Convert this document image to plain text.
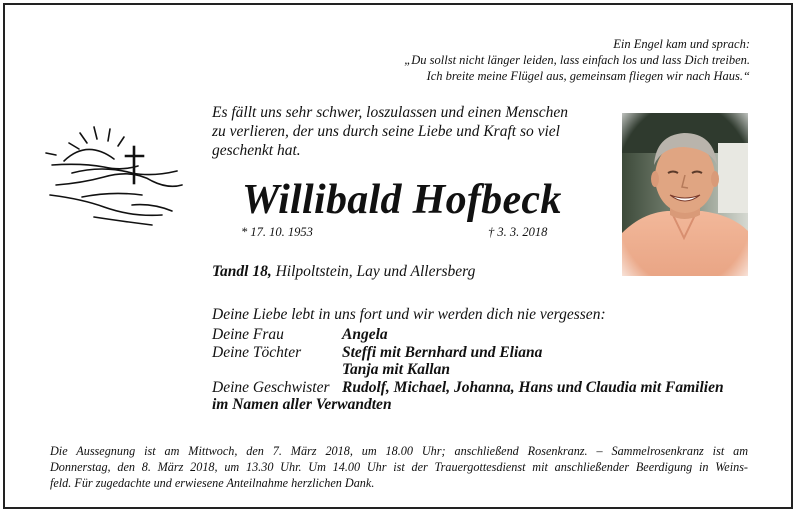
Ein Engel kam und sprach:
„Du sollst nicht länger leiden, lass einfach los und lass Dich treiben.
Ich breite meine Flügel aus, gemeinsam fliegen wir nach Haus.“
Es fällt uns sehr schwer, loszulassen und einen Menschen
zu verlieren, der uns durch seine Liebe und Kraft so viel
geschenkt hat.
Willibald Hofbeck
* 17. 10. 1953	† 3. 3. 2018
Tandl 18, Hilpoltstein, Lay und Allersberg
Deine Liebe lebt in uns fort und wir werden dich nie vergessen:
Deine Frau	Angela
Deine Töchter	Steffi mit Bernhard und Eliana
Tanja mit Kallan
Deine Geschwister Rudolf, Michael, Johanna, Hans und Claudia mit Familien
im Namen aller Verwandten
Die Aussegnung ist am Mittwoch, den 7. März 2018, um 18.00 Uhr; anschließend Rosenkranz. – Sammelrosenkranz ist am
Donnerstag, den 8. März 2018, um 13.30 Uhr. Um 14.00 Uhr ist der Trauergottesdienst mit anschließender Beerdigung in Weins-
feld. Für zugedachte und erwiesene Anteilnahme herzlichen Dank.
